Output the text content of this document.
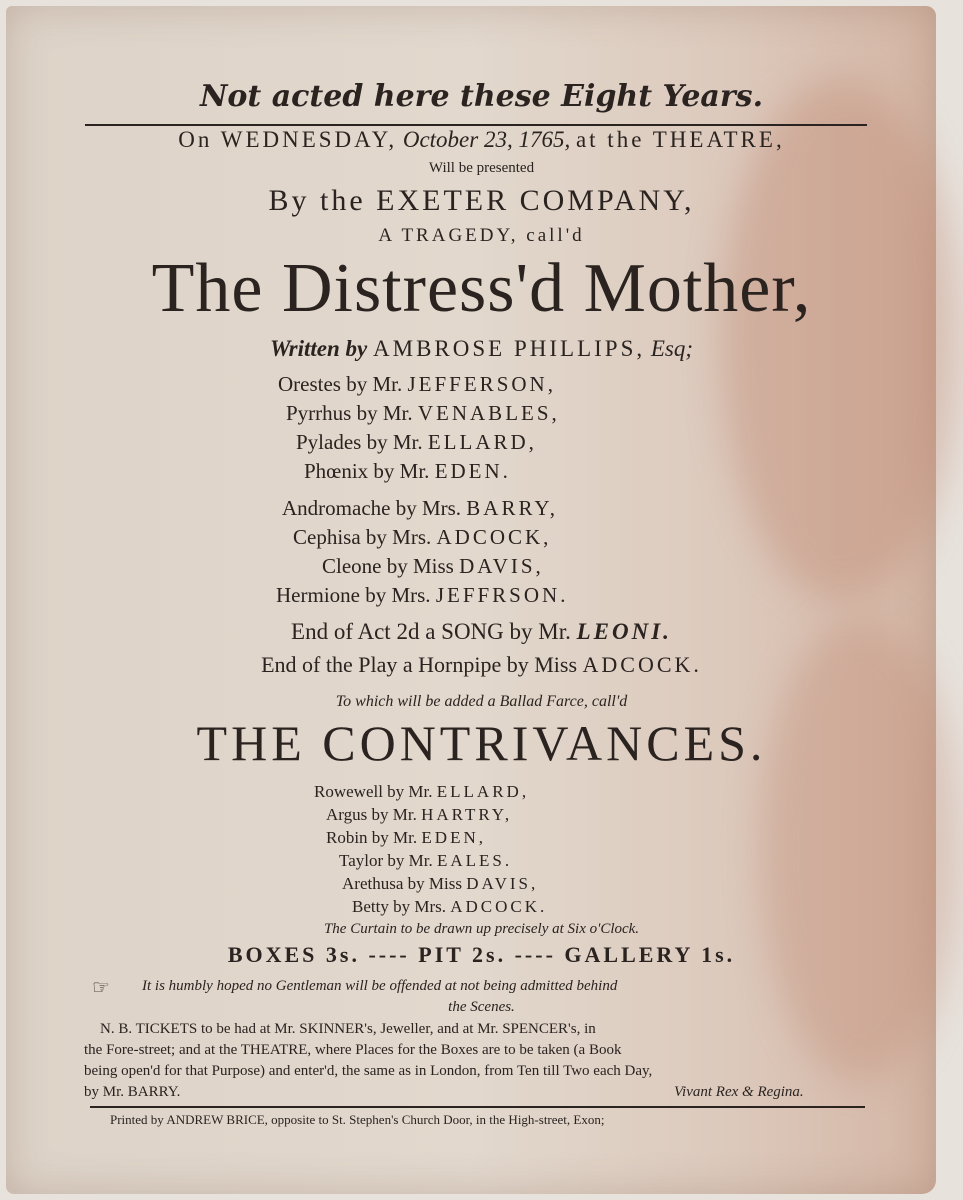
Not acted here these Eight Years.
On WEDNESDAY, October 23, 1765, at the THEATRE,
Will be presented
By the EXETER COMPANY,
A TRAGEDY, call'd
The Distress'd Mother,
Written by AMBROSE PHILLIPS, Esq;
Orestes by Mr. JEFFERSON,
Pyrrhus by Mr. VENABLES,
Pylades by Mr. ELLARD,
Phœnix by Mr. EDEN.
Andromache by Mrs. BARRY,
Cephisa by Mrs. ADCOCK,
Cleone by Miss DAVIS,
Hermione by Mrs. JEFFRSON.
End of Act 2d a SONG by Mr. LEONI.
End of the Play a Hornpipe by Miss ADCOCK.
To which will be added a Ballad Farce, call'd
THE CONTRIVANCES.
Rowewell by Mr. ELLARD,
Argus by Mr. HARTRY,
Robin by Mr. EDEN,
Taylor by Mr. EALES.
Arethusa by Miss DAVIS,
Betty by Mrs. ADCOCK.
The Curtain to be drawn up precisely at Six o'Clock.
BOXES 3s. ---- PIT 2s. ---- GALLERY 1s.
☞ It is humbly hoped no Gentleman will be offended at not being admitted behind
the Scenes.
N. B. TICKETS to be had at Mr. SKINNER's, Jeweller, and at Mr. SPENCER's, in
the Fore-street; and at the THEATRE, where Places for the Boxes are to be taken (a Book
being open'd for that Purpose) and enter'd, the same as in London, from Ten till Two each Day,
by Mr. BARRY.	Vivant Rex & Regina.
Printed by ANDREW BRICE, opposite to St. Stephen's Church Door, in the High-street, Exon;
